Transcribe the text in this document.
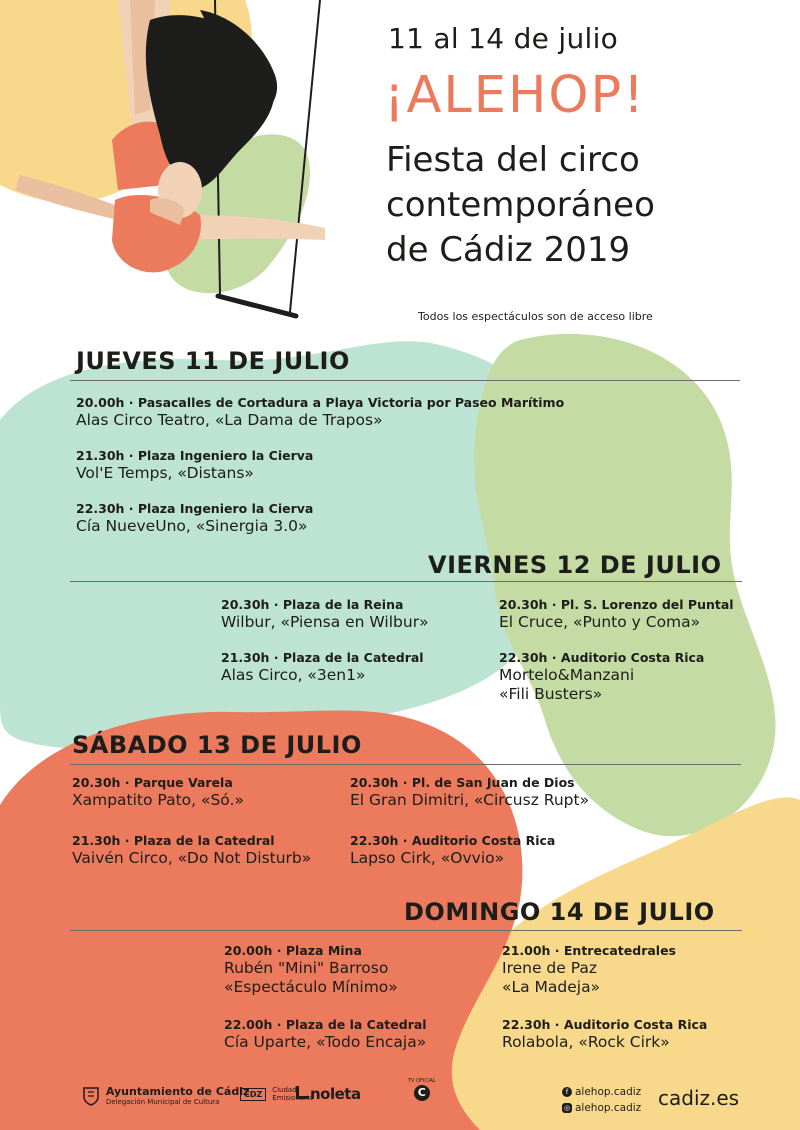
11 al 14 de julio
¡ALEHOP!
Fiesta del circo
contemporáneo
de Cádiz 2019
Todos los espectáculos son de acceso libre
JUEVES 11 DE JULIO
20.00h · Pasacalles de Cortadura a Playa Victoria por Paseo Marítimo
Alas Circo Teatro, «La Dama de Trapos»
21.30h · Plaza Ingeniero la Cierva
Vol'E Temps, «Distans»
22.30h · Plaza Ingeniero la Cierva
Cía NueveUno, «Sinergia 3.0»
VIERNES 12 DE JULIO
20.30h · Plaza de la Reina
Wilbur, «Piensa en Wilbur»
20.30h · Pl. S. Lorenzo del Puntal
El Cruce, «Punto y Coma»
21.30h · Plaza de la Catedral
Alas Circo, «3en1»
22.30h · Auditorio Costa Rica
Mortelo&Manzani
«Fili Busters»
SÁBADO 13 DE JULIO
20.30h · Parque Varela
Xampatito Pato, «Só.»
20.30h · Pl. de San Juan de Dios
El Gran Dimitri, «Circusz Rupt»
21.30h · Plaza de la Catedral
Vaivén Circo, «Do Not Disturb»
22.30h · Auditorio Costa Rica
Lapso Cirk, «Ovvio»
DOMINGO 14 DE JULIO
20.00h · Plaza Mina
Rubén "Mini" Barroso
«Espectáculo Mínimo»
21.00h · Entrecatedrales
Irene de Paz
«La Madeja»
22.00h · Plaza de la Catedral
Cía Uparte, «Todo Encaja»
22.30h · Auditorio Costa Rica
Rolabola, «Rock Cirk»

Ayuntamiento de Cádiz
Delegación Municipal de Cultura
CDZ Ciudad Emisionaria
noleta
TV OFICIAL
C	f alehop.cadiz
◎ alehop.cadiz cadiz.es
